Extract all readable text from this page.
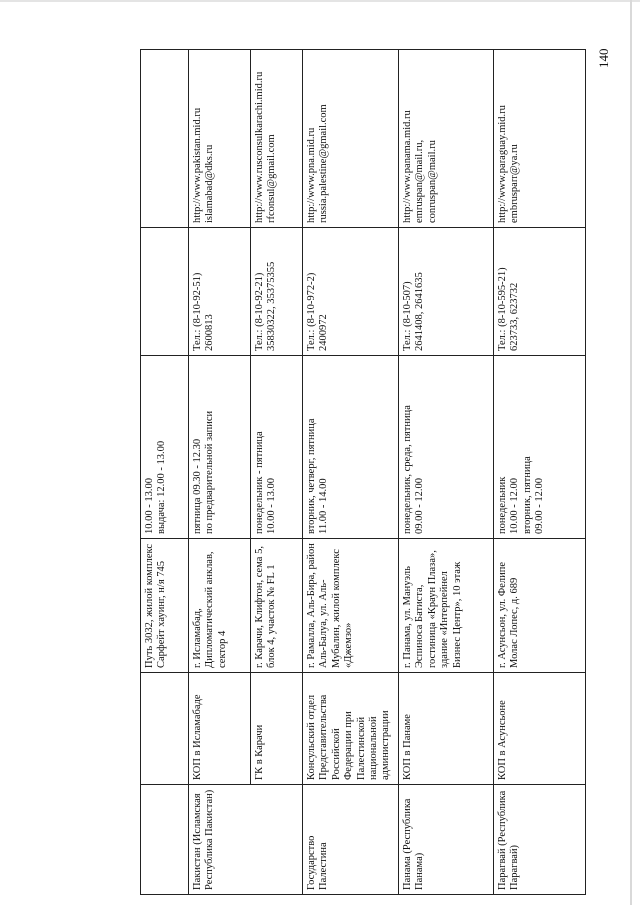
140

		Путь 3032, жилой комплекс Сарфейт хауинг, н/я 745	10.00 - 13.00 выдача: 12.00 - 13.00		

Пакистан (Исламская Республика Пакистан)	КОП в Исламабаде	г. Исламабад, Дипломатический анклав, сектор 4	пятница 09.30 - 12.30 по предварительной записи	Тел.: (8-10-92-51) 2600813	http://www.pakistan.mid.ru islamabad@dks.ru

	ГК в Карачи	г. Карачи, Клифтон, сема 5, блок 4, участок № FL 1	понедельник - пятница 10.00 - 13.00	Тел.: (8-10-92-21) 35830322, 35375355	http://www.rusconsulkarachi.mid.ru rfconsul@gmail.com

Государство Палестина	Консульский отдел Представительства Российской Федерации при Палестинской национальной администрации	г. Рамалла, Аль-Бира, район Аль-Балуа, ул. Аль-Мубалин, жилой комплекс «Джемзо»	вторник, четверг, пятница 11.00 - 14.00	Тел.: (8-10-972-2) 2400972	http://www.pna.mid.ru russia.palestine@gmail.com

Панама (Республика Панама)	КОП в Панаме	г. Панама, ул. Мануэль Эспиноса Батиста, гостиница «Краун Плаза», здание «Интерпейнел Бизнес Центр», 10 этаж	понедельник, среда, пятница 09.00 - 12.00	Тел.: (8-10-507) 2641408, 2641635	http://www.panama.mid.ru emruspan@mail.ru, conruspan@mail.ru

Парагвай (Республика Парагвай)	КОП в Асунсьоне	г. Асунсьон, ул. Фелипе Молас Лопес, д. 689	понедельник 10.00 - 12.00 вторник, пятница 09.00 - 12.00	Тел.: (8-10-595-21) 623733, 623732	http://www.paraguay.mid.ru embrusparr@ya.ru
